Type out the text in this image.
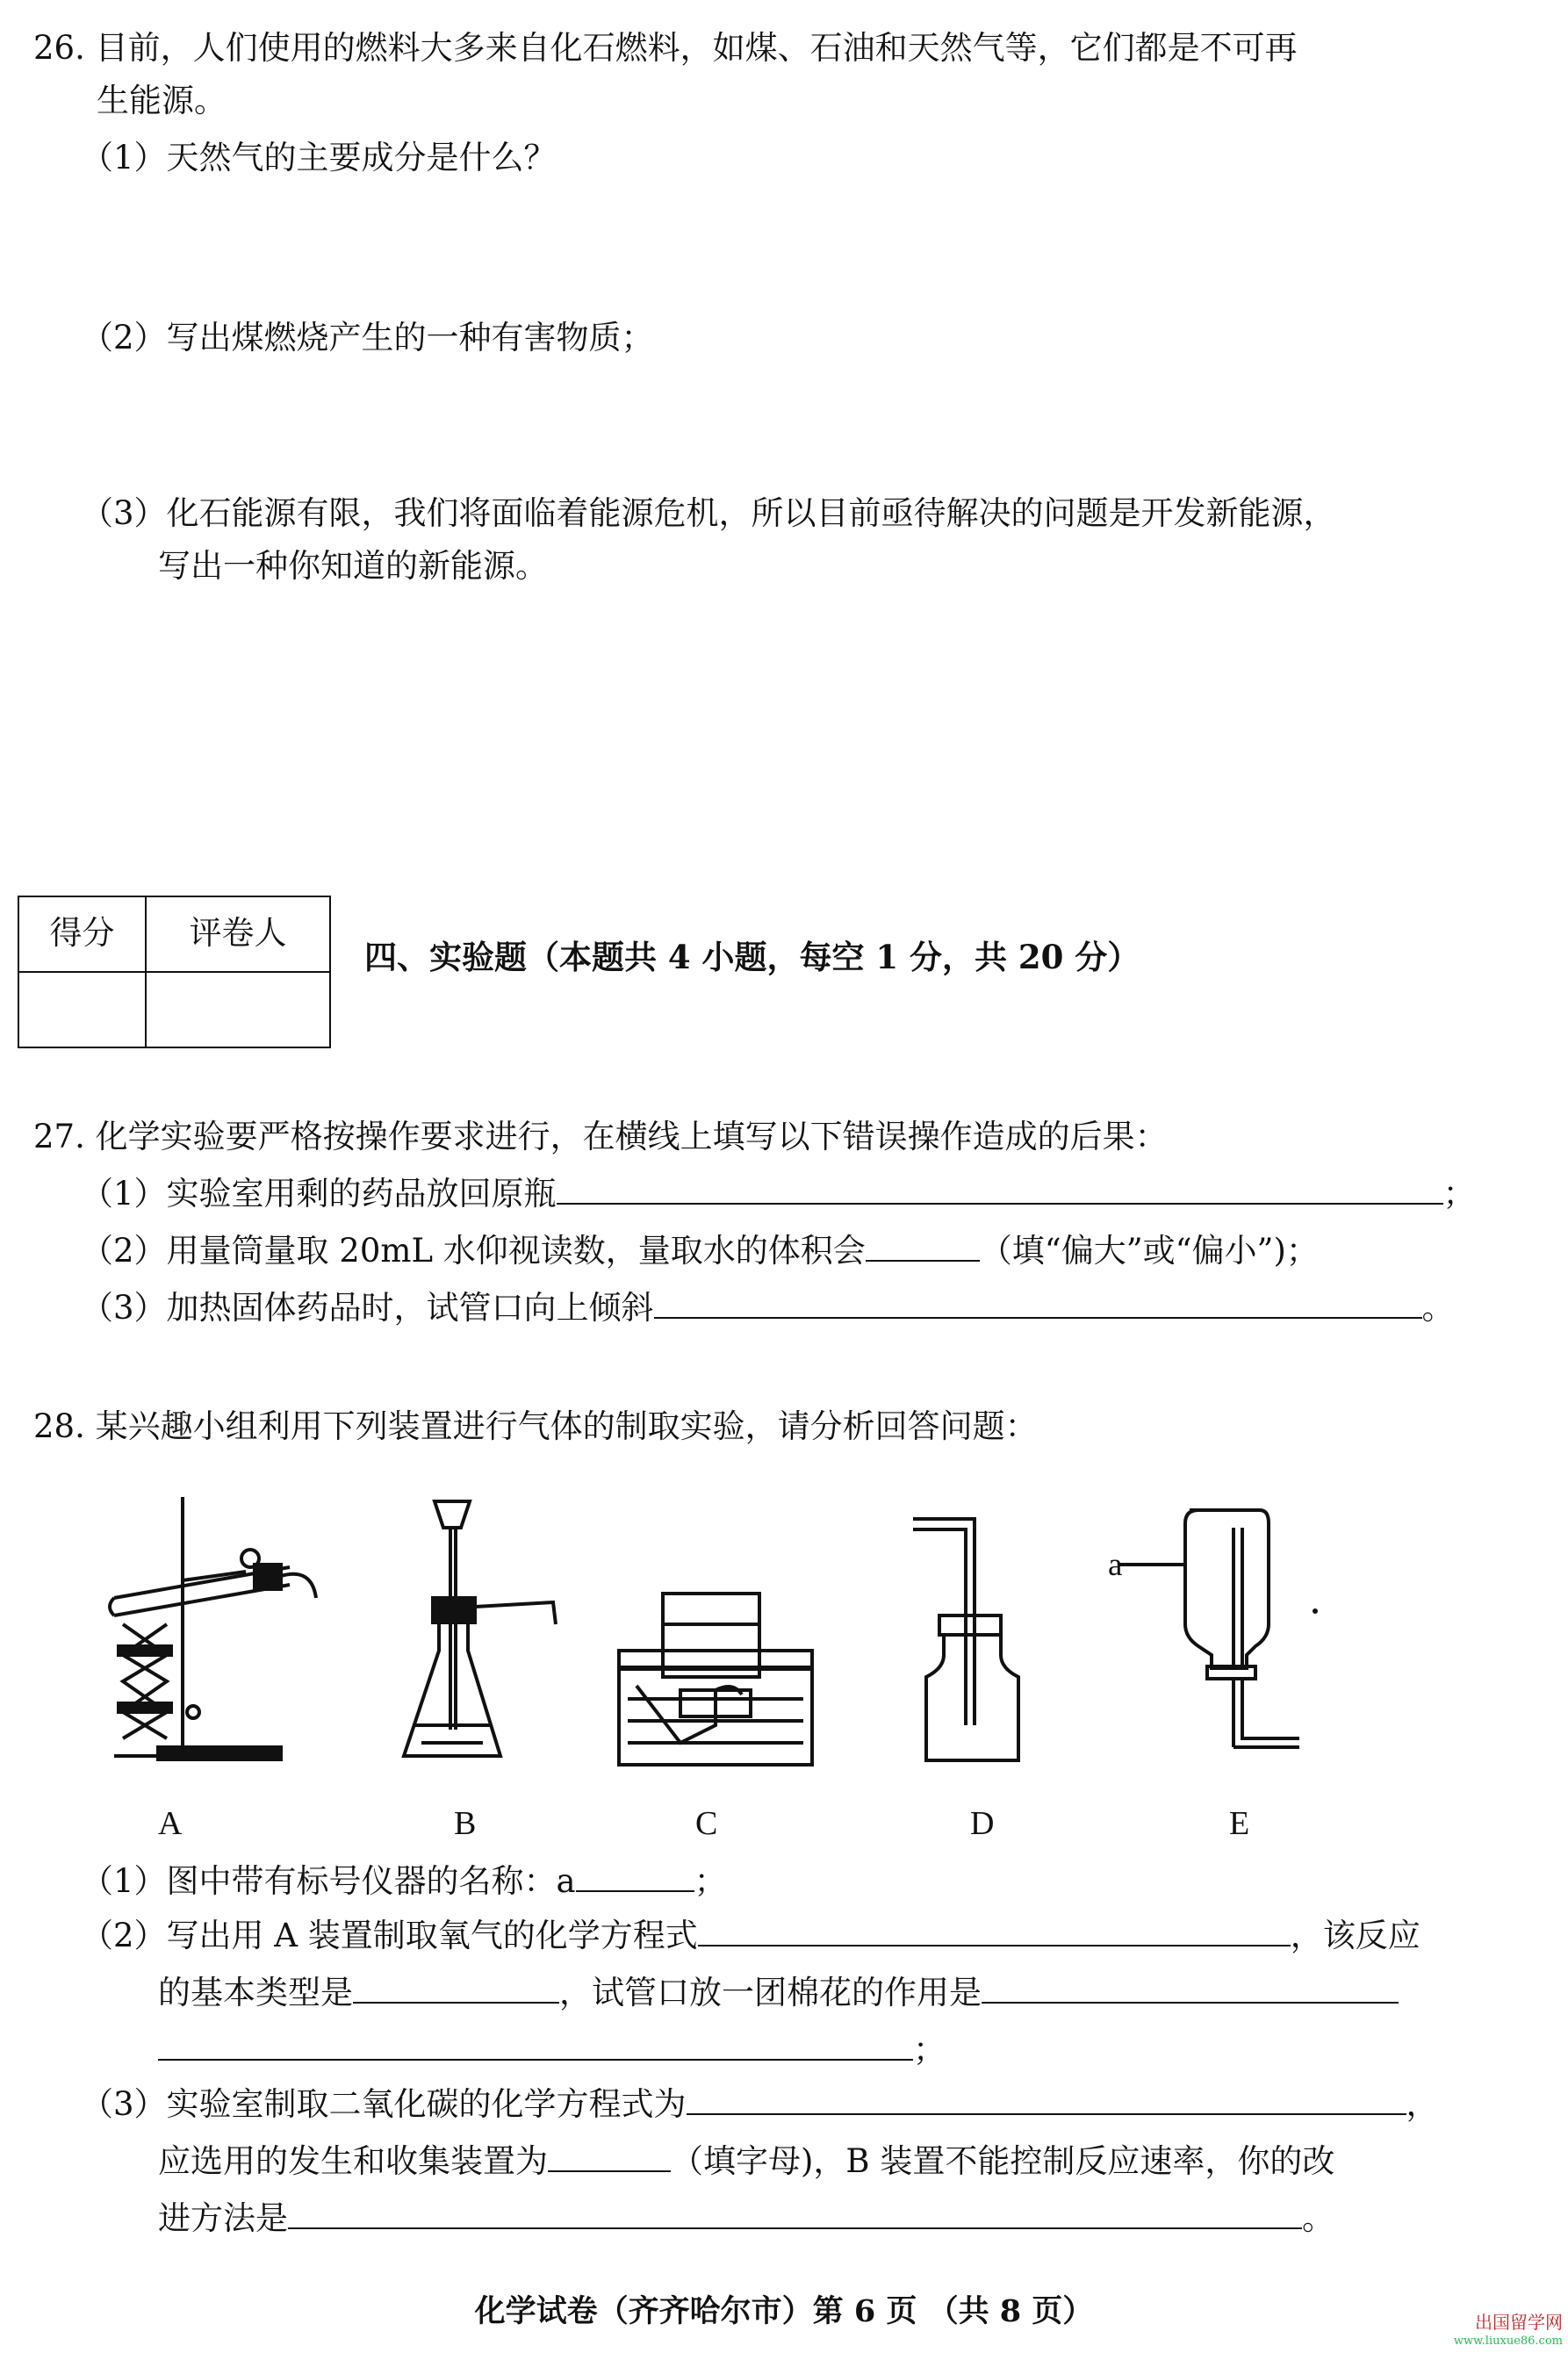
26. 目前，人们使用的燃料大多来自化石燃料，如煤、石油和天然气等，它们都是不可再
生能源。
（1）天然气的主要成分是什么？
（2）写出煤燃烧产生的一种有害物质；
（3）化石能源有限，我们将面临着能源危机，所以目前亟待解决的问题是开发新能源，
写出一种你知道的新能源。
得分	评卷人

四、实验题（本题共 4 小题，每空 1 分，共 20 分）
27. 化学实验要严格按操作要求进行，在横线上填写以下错误操作造成的后果：
（1）实验室用剩的药品放回原瓶	；
（2）用量筒量取 20mL 水仰视读数，量取水的体积会	（填“偏大”或“偏小”)；
（3）加热固体药品时，试管口向上倾斜	。
28. 某兴趣小组利用下列装置进行气体的制取实验，请分析回答问题：
a
A	B	C	D	E
（1）图中带有标号仪器的名称：a	；
（2）写出用 A 装置制取氧气的化学方程式	，该反应
的基本类型是	，试管口放一团棉花的作用是
；
（3）实验室制取二氧化碳的化学方程式为	，
应选用的发生和收集装置为	（填字母)，B 装置不能控制反应速率，你的改
进方法是	。
化学试卷（齐齐哈尔市）第 6 页 （共 8 页）	出国留学网
www.liuxue86.com
